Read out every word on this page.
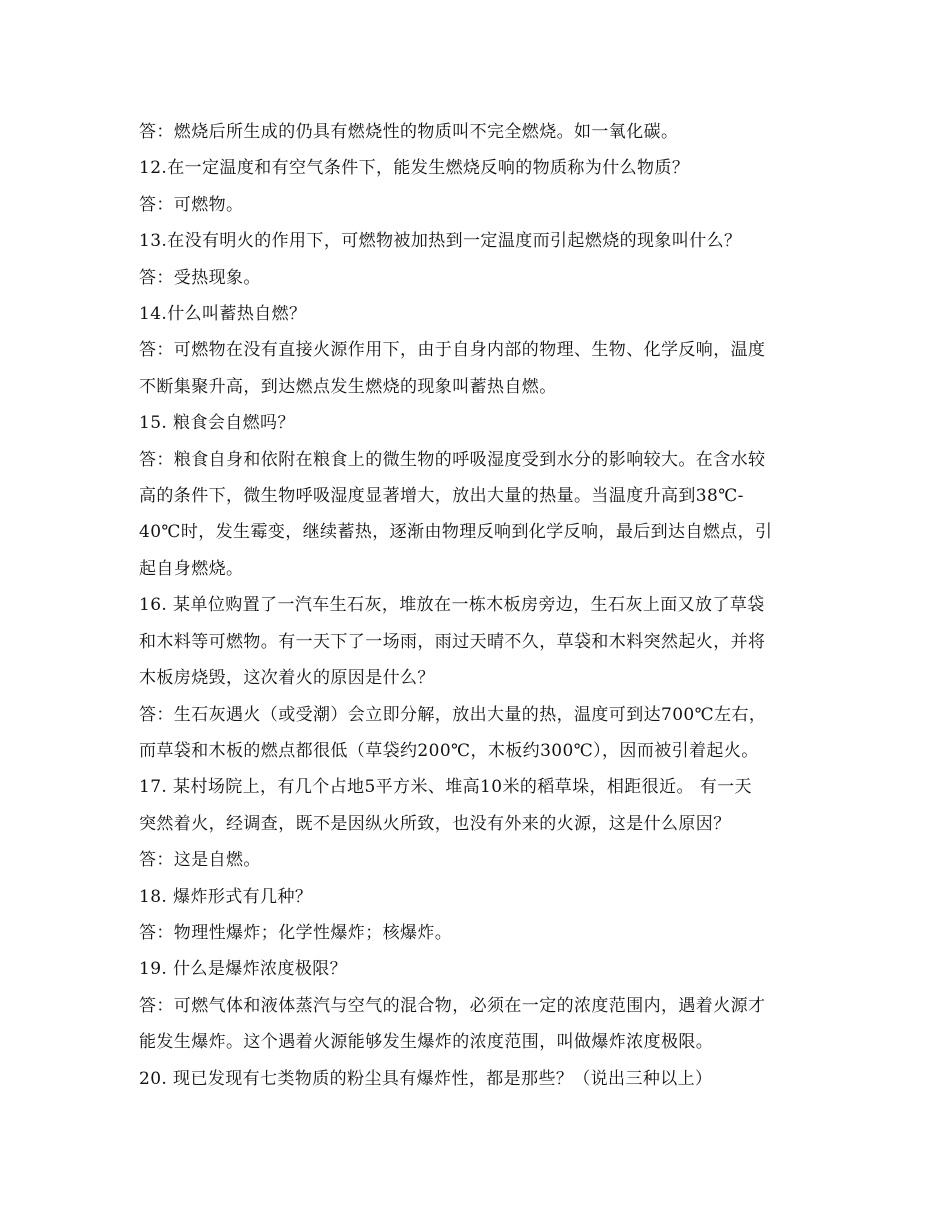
答：燃烧后所生成的仍具有燃烧性的物质叫不完全燃烧。如一氧化碳。

12.在一定温度和有空气条件下，能发生燃烧反响的物质称为什么物质？

答：可燃物。

13.在没有明火的作用下，可燃物被加热到一定温度而引起燃烧的现象叫什么？

答：受热现象。

14.什么叫蓄热自燃？

答：可燃物在没有直接火源作用下，由于自身内部的物理、生物、化学反响，温度

不断集聚升高，到达燃点发生燃烧的现象叫蓄热自燃。

15. 粮食会自燃吗？

答：粮食自身和依附在粮食上的微生物的呼吸湿度受到水分的影响较大。在含水较

高的条件下，微生物呼吸湿度显著增大，放出大量的热量。当温度升高到38℃-

40℃时，发生霉变，继续蓄热，逐渐由物理反响到化学反响，最后到达自燃点，引

起自身燃烧。

16. 某单位购置了一汽车生石灰，堆放在一栋木板房旁边，生石灰上面又放了草袋

和木料等可燃物。有一天下了一场雨，雨过天晴不久，草袋和木料突然起火，并将

木板房烧毁，这次着火的原因是什么？

答：生石灰遇火（或受潮）会立即分解，放出大量的热，温度可到达700℃左右，

而草袋和木板的燃点都很低（草袋约200℃，木板约300℃），因而被引着起火。

17. 某村场院上，有几个占地5平方米、堆高10米的稻草垛，相距很近。 有一天

突然着火，经调查，既不是因纵火所致，也没有外来的火源，这是什么原因？

答：这是自燃。

18. 爆炸形式有几种？

答：物理性爆炸；化学性爆炸；核爆炸。

19. 什么是爆炸浓度极限？

答：可燃气体和液体蒸汽与空气的混合物，必须在一定的浓度范围内，遇着火源才

能发生爆炸。这个遇着火源能够发生爆炸的浓度范围，叫做爆炸浓度极限。

20. 现已发现有七类物质的粉尘具有爆炸性，都是那些？（说出三种以上）
